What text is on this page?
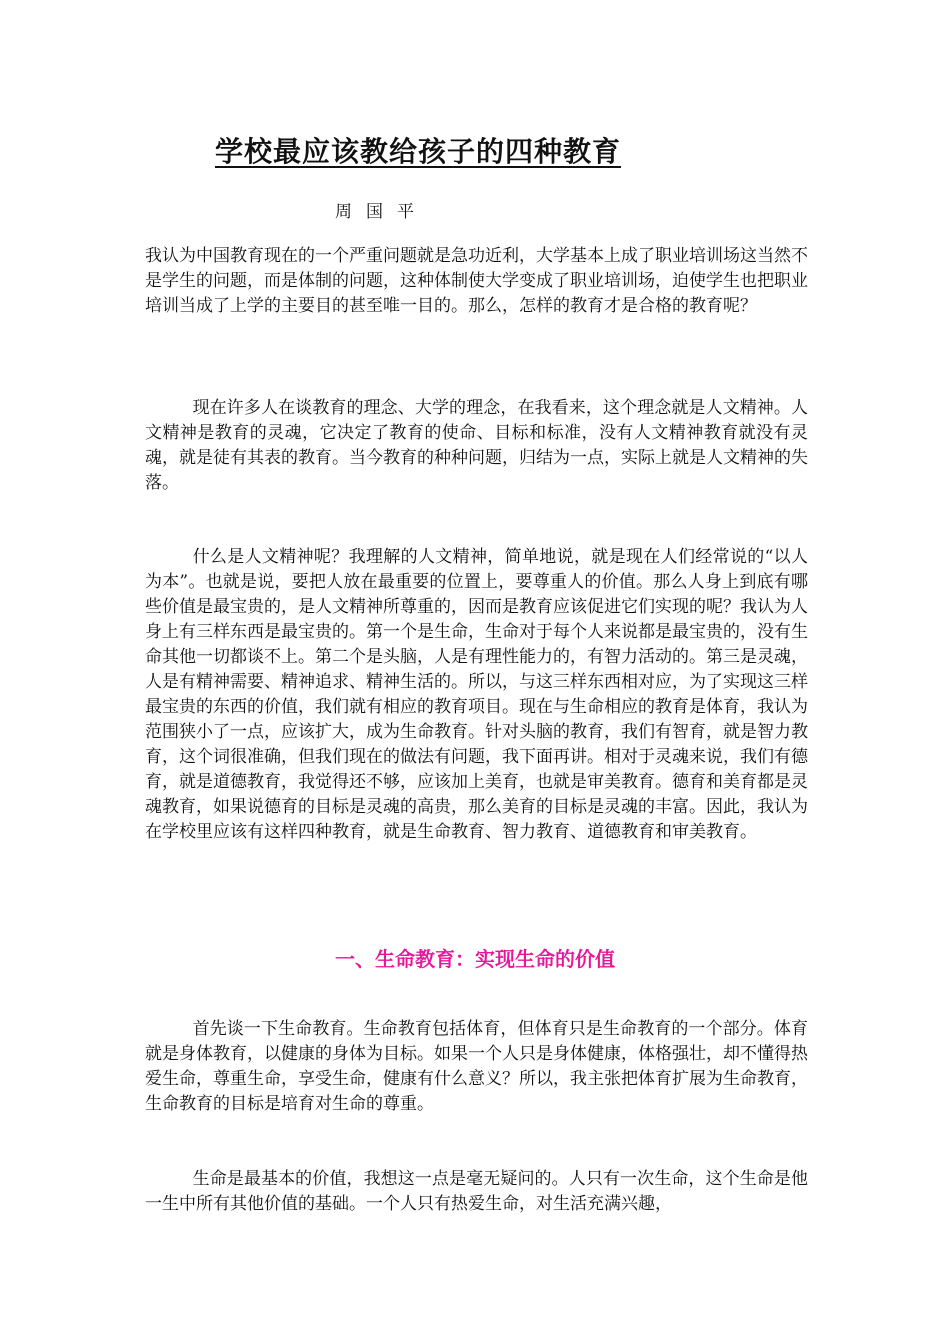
学校最应该教给孩子的四种教育

周国平

我认为中国教育现在的一个严重问题就是急功近利，大学基本上成了职业培训场这当然不是学生的问题，而是体制的问题，这种体制使大学变成了职业培训场，迫使学生也把职业培训当成了上学的主要目的甚至唯一目的。那么，怎样的教育才是合格的教育呢？

现在许多人在谈教育的理念、大学的理念，在我看来，这个理念就是人文精神。人文精神是教育的灵魂，它决定了教育的使命、目标和标准，没有人文精神教育就没有灵魂，就是徒有其表的教育。当今教育的种种问题，归结为一点，实际上就是人文精神的失落。

什么是人文精神呢？我理解的人文精神，简单地说，就是现在人们经常说的“以人为本”。也就是说，要把人放在最重要的位置上，要尊重人的价值。那么人身上到底有哪些价值是最宝贵的，是人文精神所尊重的，因而是教育应该促进它们实现的呢？我认为人身上有三样东西是最宝贵的。第一个是生命，生命对于每个人来说都是最宝贵的，没有生命其他一切都谈不上。第二个是头脑，人是有理性能力的，有智力活动的。第三是灵魂，人是有精神需要、精神追求、精神生活的。所以，与这三样东西相对应，为了实现这三样最宝贵的东西的价值，我们就有相应的教育项目。现在与生命相应的教育是体育，我认为范围狭小了一点，应该扩大，成为生命教育。针对头脑的教育，我们有智育，就是智力教育，这个词很准确，但我们现在的做法有问题，我下面再讲。相对于灵魂来说，我们有德育，就是道德教育，我觉得还不够，应该加上美育，也就是审美教育。德育和美育都是灵魂教育，如果说德育的目标是灵魂的高贵，那么美育的目标是灵魂的丰富。因此，我认为在学校里应该有这样四种教育，就是生命教育、智力教育、道德教育和审美教育。

一、生命教育：实现生命的价值

首先谈一下生命教育。生命教育包括体育，但体育只是生命教育的一个部分。体育就是身体教育，以健康的身体为目标。如果一个人只是身体健康，体格强壮，却不懂得热爱生命，尊重生命，享受生命，健康有什么意义？所以，我主张把体育扩展为生命教育，生命教育的目标是培育对生命的尊重。

生命是最基本的价值，我想这一点是毫无疑问的。人只有一次生命，这个生命是他一生中所有其他价值的基础。一个人只有热爱生命，对生活充满兴趣，
